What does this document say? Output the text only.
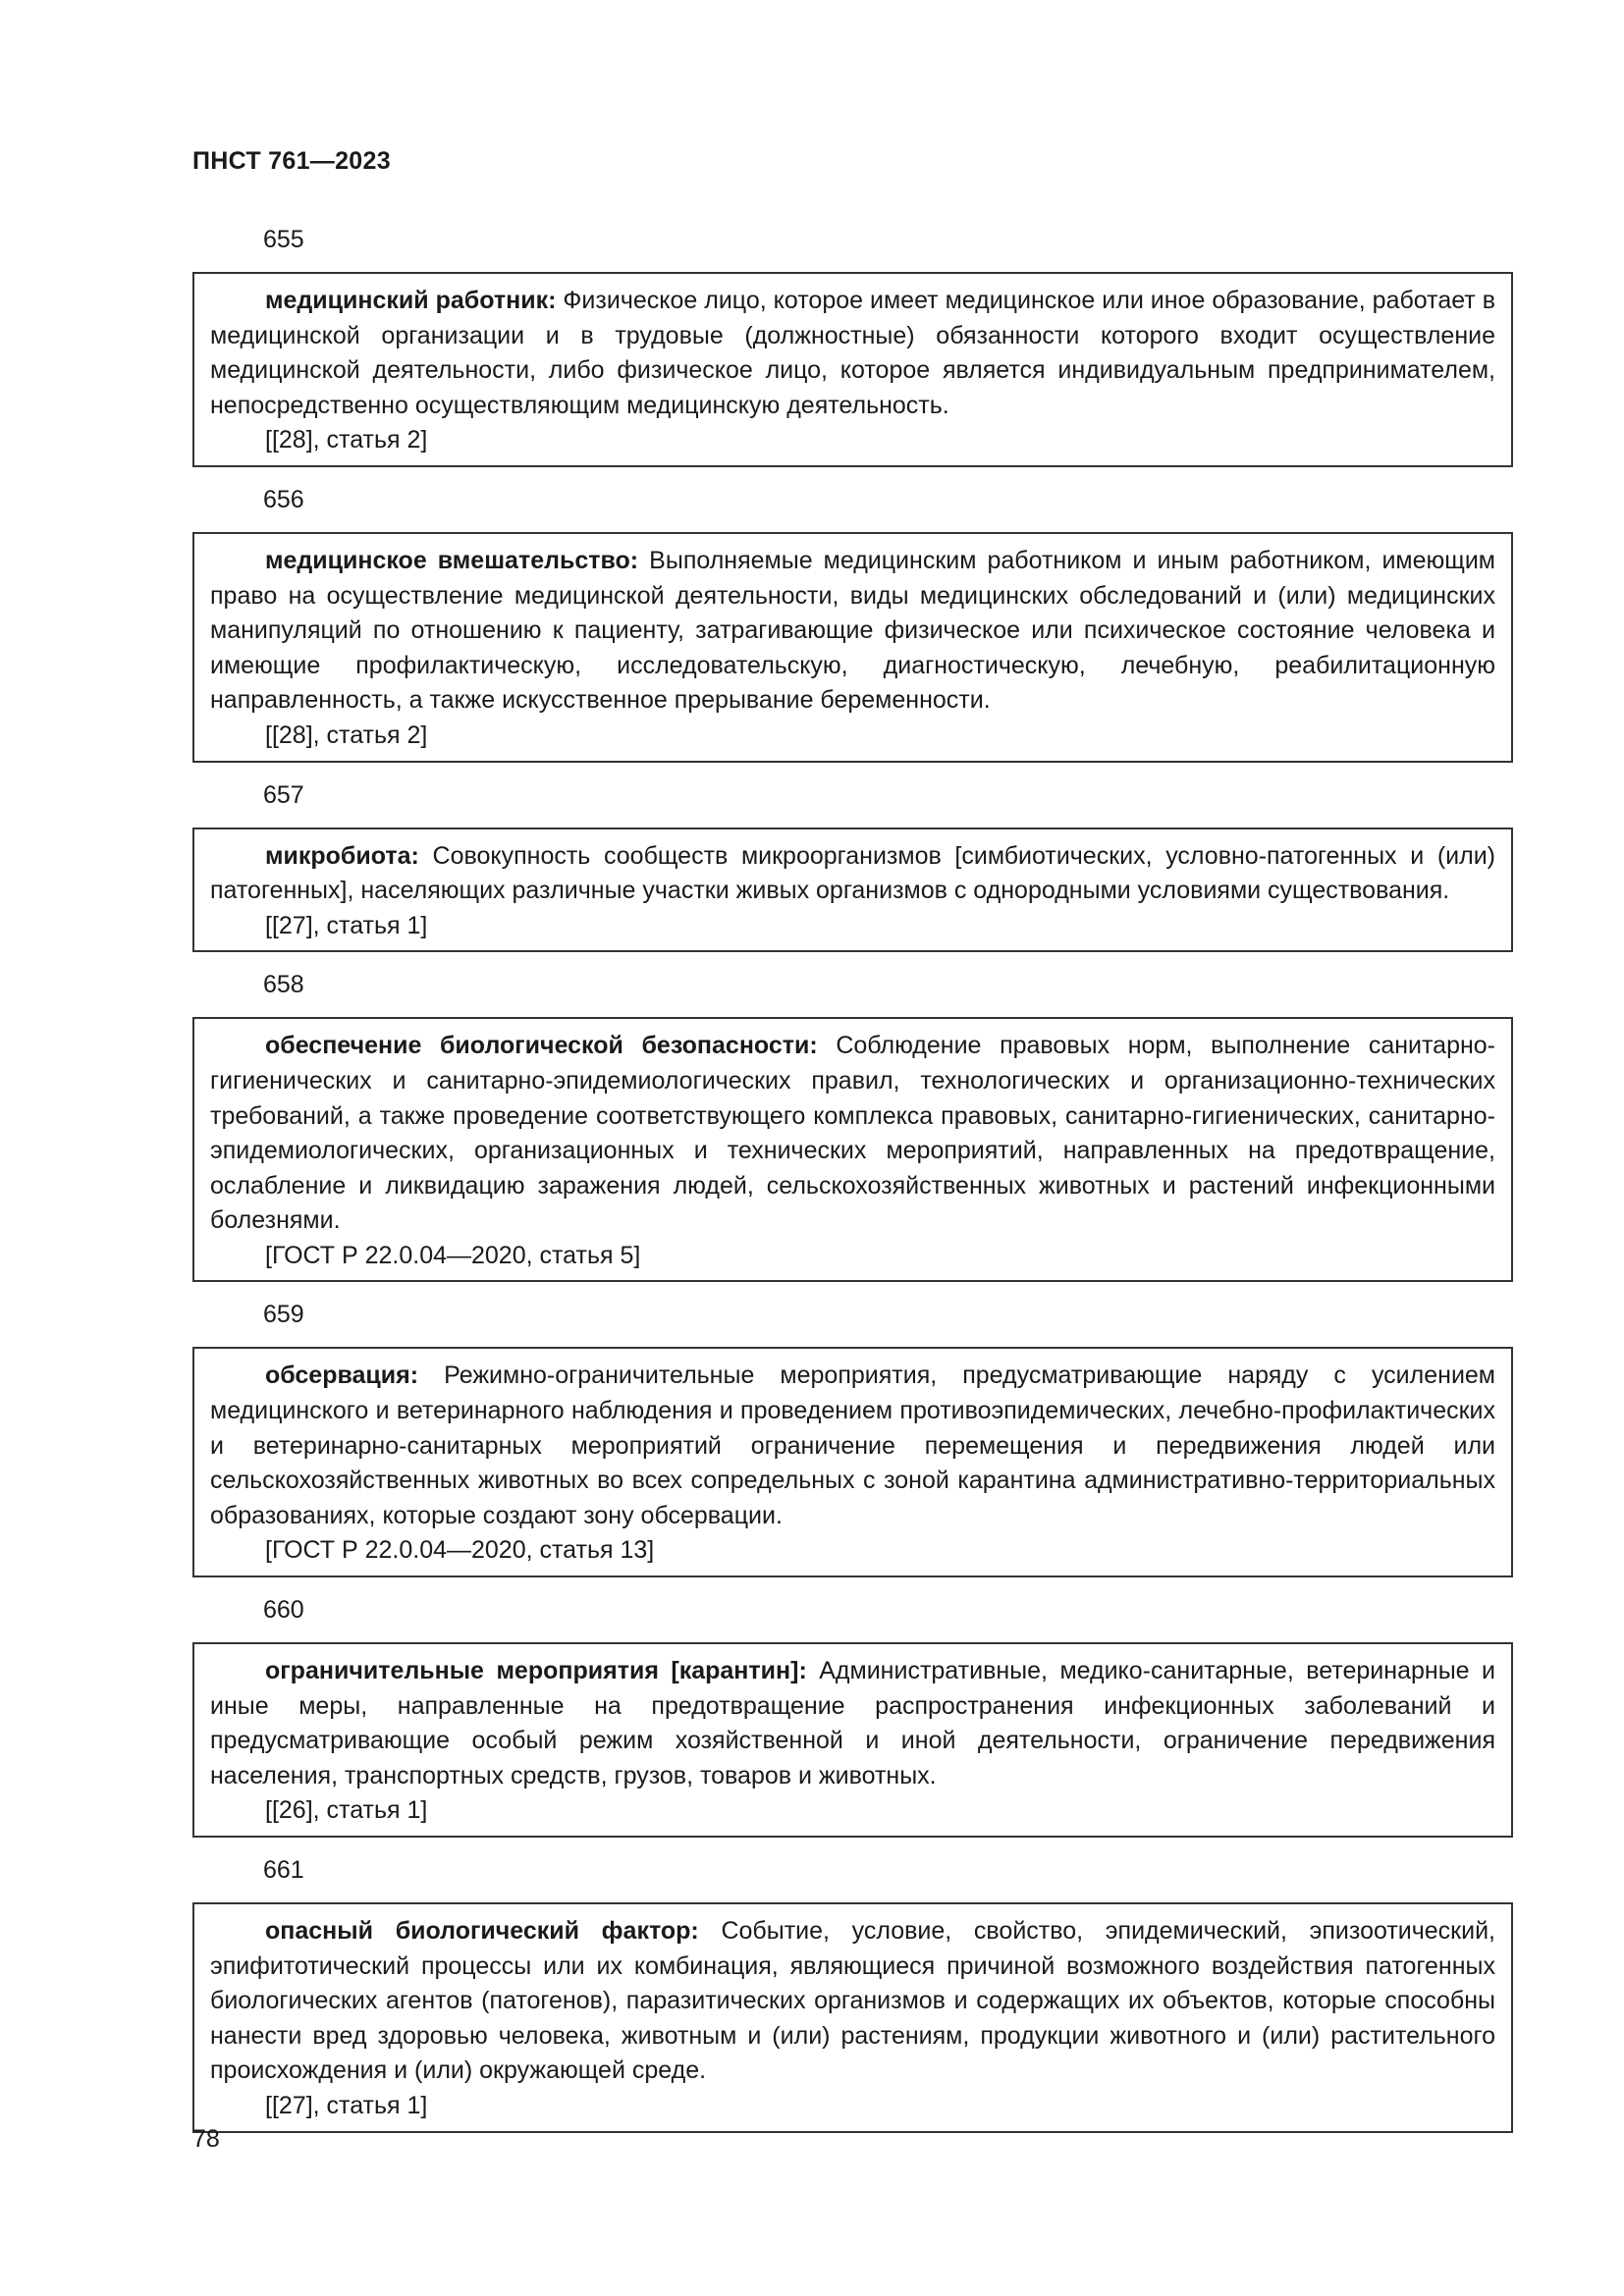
ПНСТ 761—2023
655
медицинский работник: Физическое лицо, которое имеет медицинское или иное образование, работает в медицинской организации и в трудовые (должностные) обязанности которого входит осуществление медицинской деятельности, либо физическое лицо, которое является индивидуальным предпринимателем, непосредственно осуществляющим медицинскую деятельность.
[[28], статья 2]
656
медицинское вмешательство: Выполняемые медицинским работником и иным работником, имеющим право на осуществление медицинской деятельности, виды медицинских обследований и (или) медицинских манипуляций по отношению к пациенту, затрагивающие физическое или психическое состояние человека и имеющие профилактическую, исследовательскую, диагностическую, лечебную, реабилитационную направленность, а также искусственное прерывание беременности.
[[28], статья 2]
657
микробиота: Совокупность сообществ микроорганизмов [симбиотических, условно-патогенных и (или) патогенных], населяющих различные участки живых организмов с однородными условиями существования.
[[27], статья 1]
658
обеспечение биологической безопасности: Соблюдение правовых норм, выполнение санитарно-гигиенических и санитарно-эпидемиологических правил, технологических и организационно-технических требований, а также проведение соответствующего комплекса правовых, санитарно-гигиенических, санитарно-эпидемиологических, организационных и технических мероприятий, направленных на предотвращение, ослабление и ликвидацию заражения людей, сельскохозяйственных животных и растений инфекционными болезнями.
[ГОСТ Р 22.0.04—2020, статья 5]
659
обсервация: Режимно-ограничительные мероприятия, предусматривающие наряду с усилением медицинского и ветеринарного наблюдения и проведением противоэпидемических, лечебно-профилактических и ветеринарно-санитарных мероприятий ограничение перемещения и передвижения людей или сельскохозяйственных животных во всех сопредельных с зоной карантина административно-территориальных образованиях, которые создают зону обсервации.
[ГОСТ Р 22.0.04—2020, статья 13]
660
ограничительные мероприятия [карантин]: Административные, медико-санитарные, ветеринарные и иные меры, направленные на предотвращение распространения инфекционных заболеваний и предусматривающие особый режим хозяйственной и иной деятельности, ограничение передвижения населения, транспортных средств, грузов, товаров и животных.
[[26], статья 1]
661
опасный биологический фактор: Событие, условие, свойство, эпидемический, эпизоотический, эпифитотический процессы или их комбинация, являющиеся причиной возможного воздействия патогенных биологических агентов (патогенов), паразитических организмов и содержащих их объектов, которые способны нанести вред здоровью человека, животным и (или) растениям, продукции животного и (или) растительного происхождения и (или) окружающей среде.
[[27], статья 1]
78
